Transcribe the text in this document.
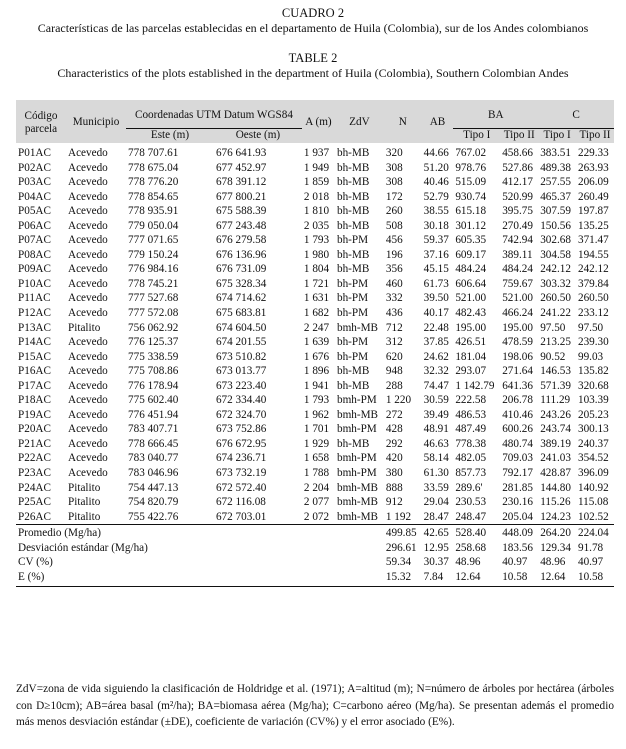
CUADRO 2
Características de las parcelas establecidas en el departamento de Huila (Colombia), sur de los Andes colombianos
TABLE 2
Characteristics of the plots established in the department of Huila (Colombia), Southern Colombian Andes
Código parcela	Municipio	Coordenadas UTM Datum WGS84		A (m)	ZdV	N	AB	BA		C	
		Este (m)	Oeste (m)					Tipo I	Tipo II	Tipo I	Tipo II
P01AC	Acevedo	778 707.61	676 641.93	1 937	bh-MB	320	44.66	767.02	458.66	383.51	229.33
P02AC	Acevedo	778 675.04	677 452.97	1 949	bh-MB	308	51.20	978.76	527.86	489.38	263.93
P03AC	Acevedo	778 776.20	678 391.12	1 859	bh-MB	308	40.46	515.09	412.17	257.55	206.09
P04AC	Acevedo	778 854.65	677 800.21	2 018	bh-MB	172	52.79	930.74	520.99	465.37	260.49
P05AC	Acevedo	778 935.91	675 588.39	1 810	bh-MB	260	38.55	615.18	395.75	307.59	197.87
P06AC	Acevedo	779 050.04	677 243.48	2 035	bh-MB	508	30.18	301.12	270.49	150.56	135.25
P07AC	Acevedo	777 071.65	676 279.58	1 793	bh-PM	456	59.37	605.35	742.94	302.68	371.47
P08AC	Acevedo	779 150.24	676 136.96	1 980	bh-MB	196	37.16	609.17	389.11	304.58	194.55
P09AC	Acevedo	776 984.16	676 731.09	1 804	bh-MB	356	45.15	484.24	484.24	242.12	242.12
P10AC	Acevedo	778 745.21	675 328.34	1 721	bh-PM	460	61.73	606.64	759.67	303.32	379.84
P11AC	Acevedo	777 527.68	674 714.62	1 631	bh-PM	332	39.50	521.00	521.00	260.50	260.50
P12AC	Acevedo	777 572.08	675 683.81	1 682	bh-PM	436	40.17	482.43	466.24	241.22	233.12
P13AC	Pitalito	756 062.92	674 604.50	2 247	bmh-MB	712	22.48	195.00	195.00	97.50	97.50
P14AC	Acevedo	776 125.37	674 201.55	1 639	bh-PM	312	37.85	426.51	478.59	213.25	239.30
P15AC	Acevedo	775 338.59	673 510.82	1 676	bh-PM	620	24.62	181.04	198.06	90.52	99.03
P16AC	Acevedo	775 708.86	673 013.77	1 896	bh-MB	948	32.32	293.07	271.64	146.53	135.82
P17AC	Acevedo	776 178.94	673 223.40	1 941	bh-MB	288	74.47	1 142.79	641.36	571.39	320.68
P18AC	Acevedo	775 602.40	672 334.40	1 793	bmh-PM	1 220	30.59	222.58	206.78	111.29	103.39
P19AC	Acevedo	776 451.94	672 324.70	1 962	bmh-MB	272	39.49	486.53	410.46	243.26	205.23
P20AC	Acevedo	783 407.71	673 752.86	1 701	bmh-PM	428	48.91	487.49	600.26	243.74	300.13
P21AC	Acevedo	778 666.45	676 672.95	1 929	bh-MB	292	46.63	778.38	480.74	389.19	240.37
P22AC	Acevedo	783 040.77	674 236.71	1 658	bmh-PM	420	58.14	482.05	709.03	241.03	354.52
P23AC	Acevedo	783 046.96	673 732.19	1 788	bmh-PM	380	61.30	857.73	792.17	428.87	396.09
P24AC	Pitalito	754 447.13	672 572.40	2 204	bmh-MB	888	33.59	289.6'	281.85	144.80	140.92
P25AC	Pitalito	754 820.79	672 116.08	2 077	bmh-MB	912	29.04	230.53	230.16	115.26	115.08
P26AC	Pitalito	755 422.76	672 703.01	2 072	bmh-MB	1 192	28.47	248.47	205.04	124.23	102.52
Promedio (Mg/ha)						499.85	42.65	528.40	448.09	264.20	224.04
Desviación estándar (Mg/ha)						296.61	12.95	258.68	183.56	129.34	91.78
CV (%)						59.34	30.37	48.96	40.97	48.96	40.97
E (%)						15.32	7.84	12.64	10.58	12.64	10.58
ZdV=zona de vida siguiendo la clasificación de Holdridge et al. (1971); A=altitud (m); N=número de árboles por hectárea (árboles con D≥10cm); AB=área basal (m²/ha); BA=biomasa aérea (Mg/ha); C=carbono aéreo (Mg/ha). Se presentan además el promedio más menos desviación estándar (±DE), coeficiente de variación (CV%) y el error asociado (E%).
